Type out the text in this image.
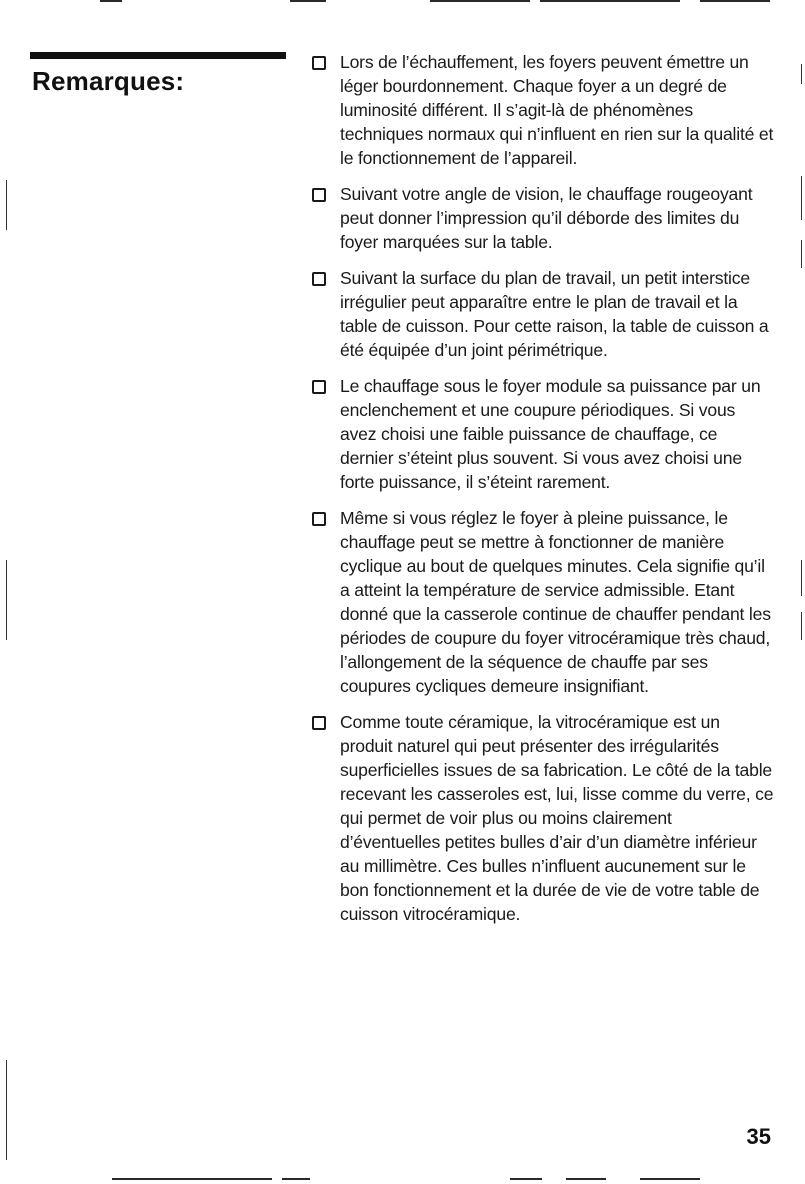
Remarques:
Lors de l’échauffement, les foyers peuvent émettre un léger bourdonnement. Chaque foyer a un degré de luminosité différent. Il s’agit-là de phénomènes techniques normaux qui n’influent en rien sur la qualité et le fonctionnement de l’appareil.
Suivant votre angle de vision, le chauffage rougeoyant peut donner l’impression qu’il déborde des limites du foyer marquées sur la table.
Suivant la surface du plan de travail, un petit interstice irrégulier peut apparaître entre le plan de travail et la table de cuisson. Pour cette raison, la table de cuisson a été équipée d’un joint périmétrique.
Le chauffage sous le foyer module sa puissance par un enclenchement et une coupure périodiques. Si vous avez choisi une faible puissance de chauffage, ce dernier s’éteint plus souvent. Si vous avez choisi une forte puissance, il s’éteint rarement.
Même si vous réglez le foyer à pleine puissance, le chauffage peut se mettre à fonctionner de manière cyclique au bout de quelques minutes. Cela signifie qu’il a atteint la température de service admissible. Etant donné que la casserole continue de chauffer pendant les périodes de coupure du foyer vitrocéramique très chaud, l’allongement de la séquence de chauffe par ses coupures cycliques demeure insignifiant.
Comme toute céramique, la vitrocéramique est un produit naturel qui peut présenter des irrégularités superficielles issues de sa fabrication. Le côté de la table recevant les casseroles est, lui, lisse comme du verre, ce qui permet de voir plus ou moins clairement d’éventuelles petites bulles d’air d’un diamètre inférieur au millimètre. Ces bulles n’influent aucunement sur le bon fonctionnement et la durée de vie de votre table de cuisson vitrocéramique.
35
